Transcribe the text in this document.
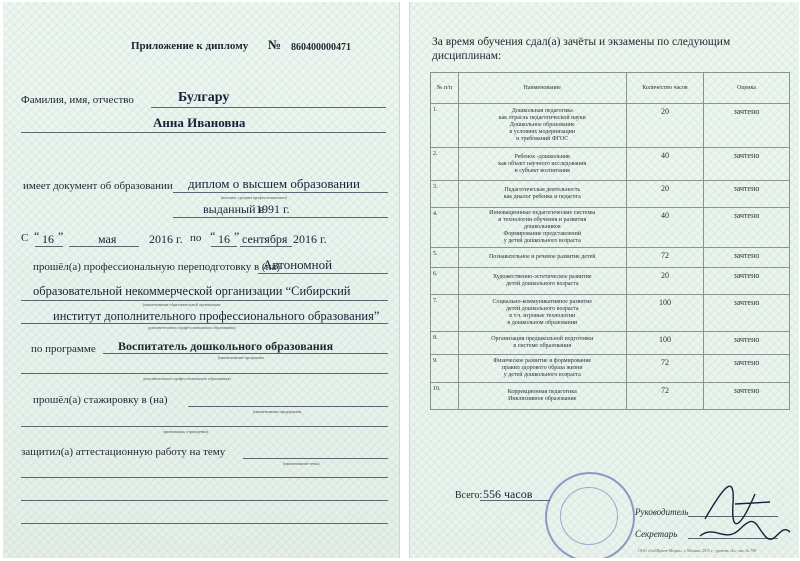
Приложение к диплому № 860400000471
Фамилия, имя, отчество	Булгару
Анна Ивановна
имеет документ об образовании диплом о высшем образовании
(высшем, среднем профессиональном)
выданный в
1991 г.
С “ 16 ”	мая	2016 г. по “ 16 ” сентября 2016 г.
прошёл(а) профессиональную переподготовку в (на)
Автономной
образовательной некоммерческой организации “Сибирский
(наименование образовательной организации
институт дополнительного профессионального образования”
дополнительного профессионального образования)
по программе Воспитатель дошкольного образования
(наименование программы
дополнительного профессионального образования)
прошёл(а) стажировку в (на)
(наименование предприятия,
организации, учреждения)
защитил(а) аттестационную работу на тему
(наименование темы)
За время обучения сдал(а) зачёты и экзамены по следующим
дисциплинам:
№ п/п	Наименование	Количество часов	Оценка
1.	Дошкольная педагогика
как отрасль педагогической науки
Дошкольное образование
в условиях модернизации
и требований ФГОС	20	зачтено
2.	Ребенок -дошкольник
как объект научного исследования
и субъект воспитания	40	зачтено
3.	Педагогическая деятельность
как диалог ребенка и педагога	20	зачтено
4.	Инновационные педагогические системы
и технологии обучения и развития
дошкольников
Формирование представлений
у детей дошкольного возраста	40	зачтено
5.	Познавательное и речевое развитие детей	72	зачтено
6.	Художественно-эстетическое развитие
детей дошкольного возраста	20	зачтено
7.	Социально-коммуникативное развитие
детей дошкольного возраста
в т.ч. игровые технологии
в дошкольном образовании	100	зачтено
8.	Организация предшкольной подготовки
в системе образования	100	зачтено
9.	Физическое развитие и формирование
правил здорового образа жизни
у детей дошкольного возраста	72	зачтено
10.	Коррекционная педагогика
Инклюзивное образование	72	зачтено
Всего: 556 часов
Руководитель
Секретарь
ООО «СибПринт-Медиа», г. Москва, 2015 г., уровень «Б», зак. № 798
